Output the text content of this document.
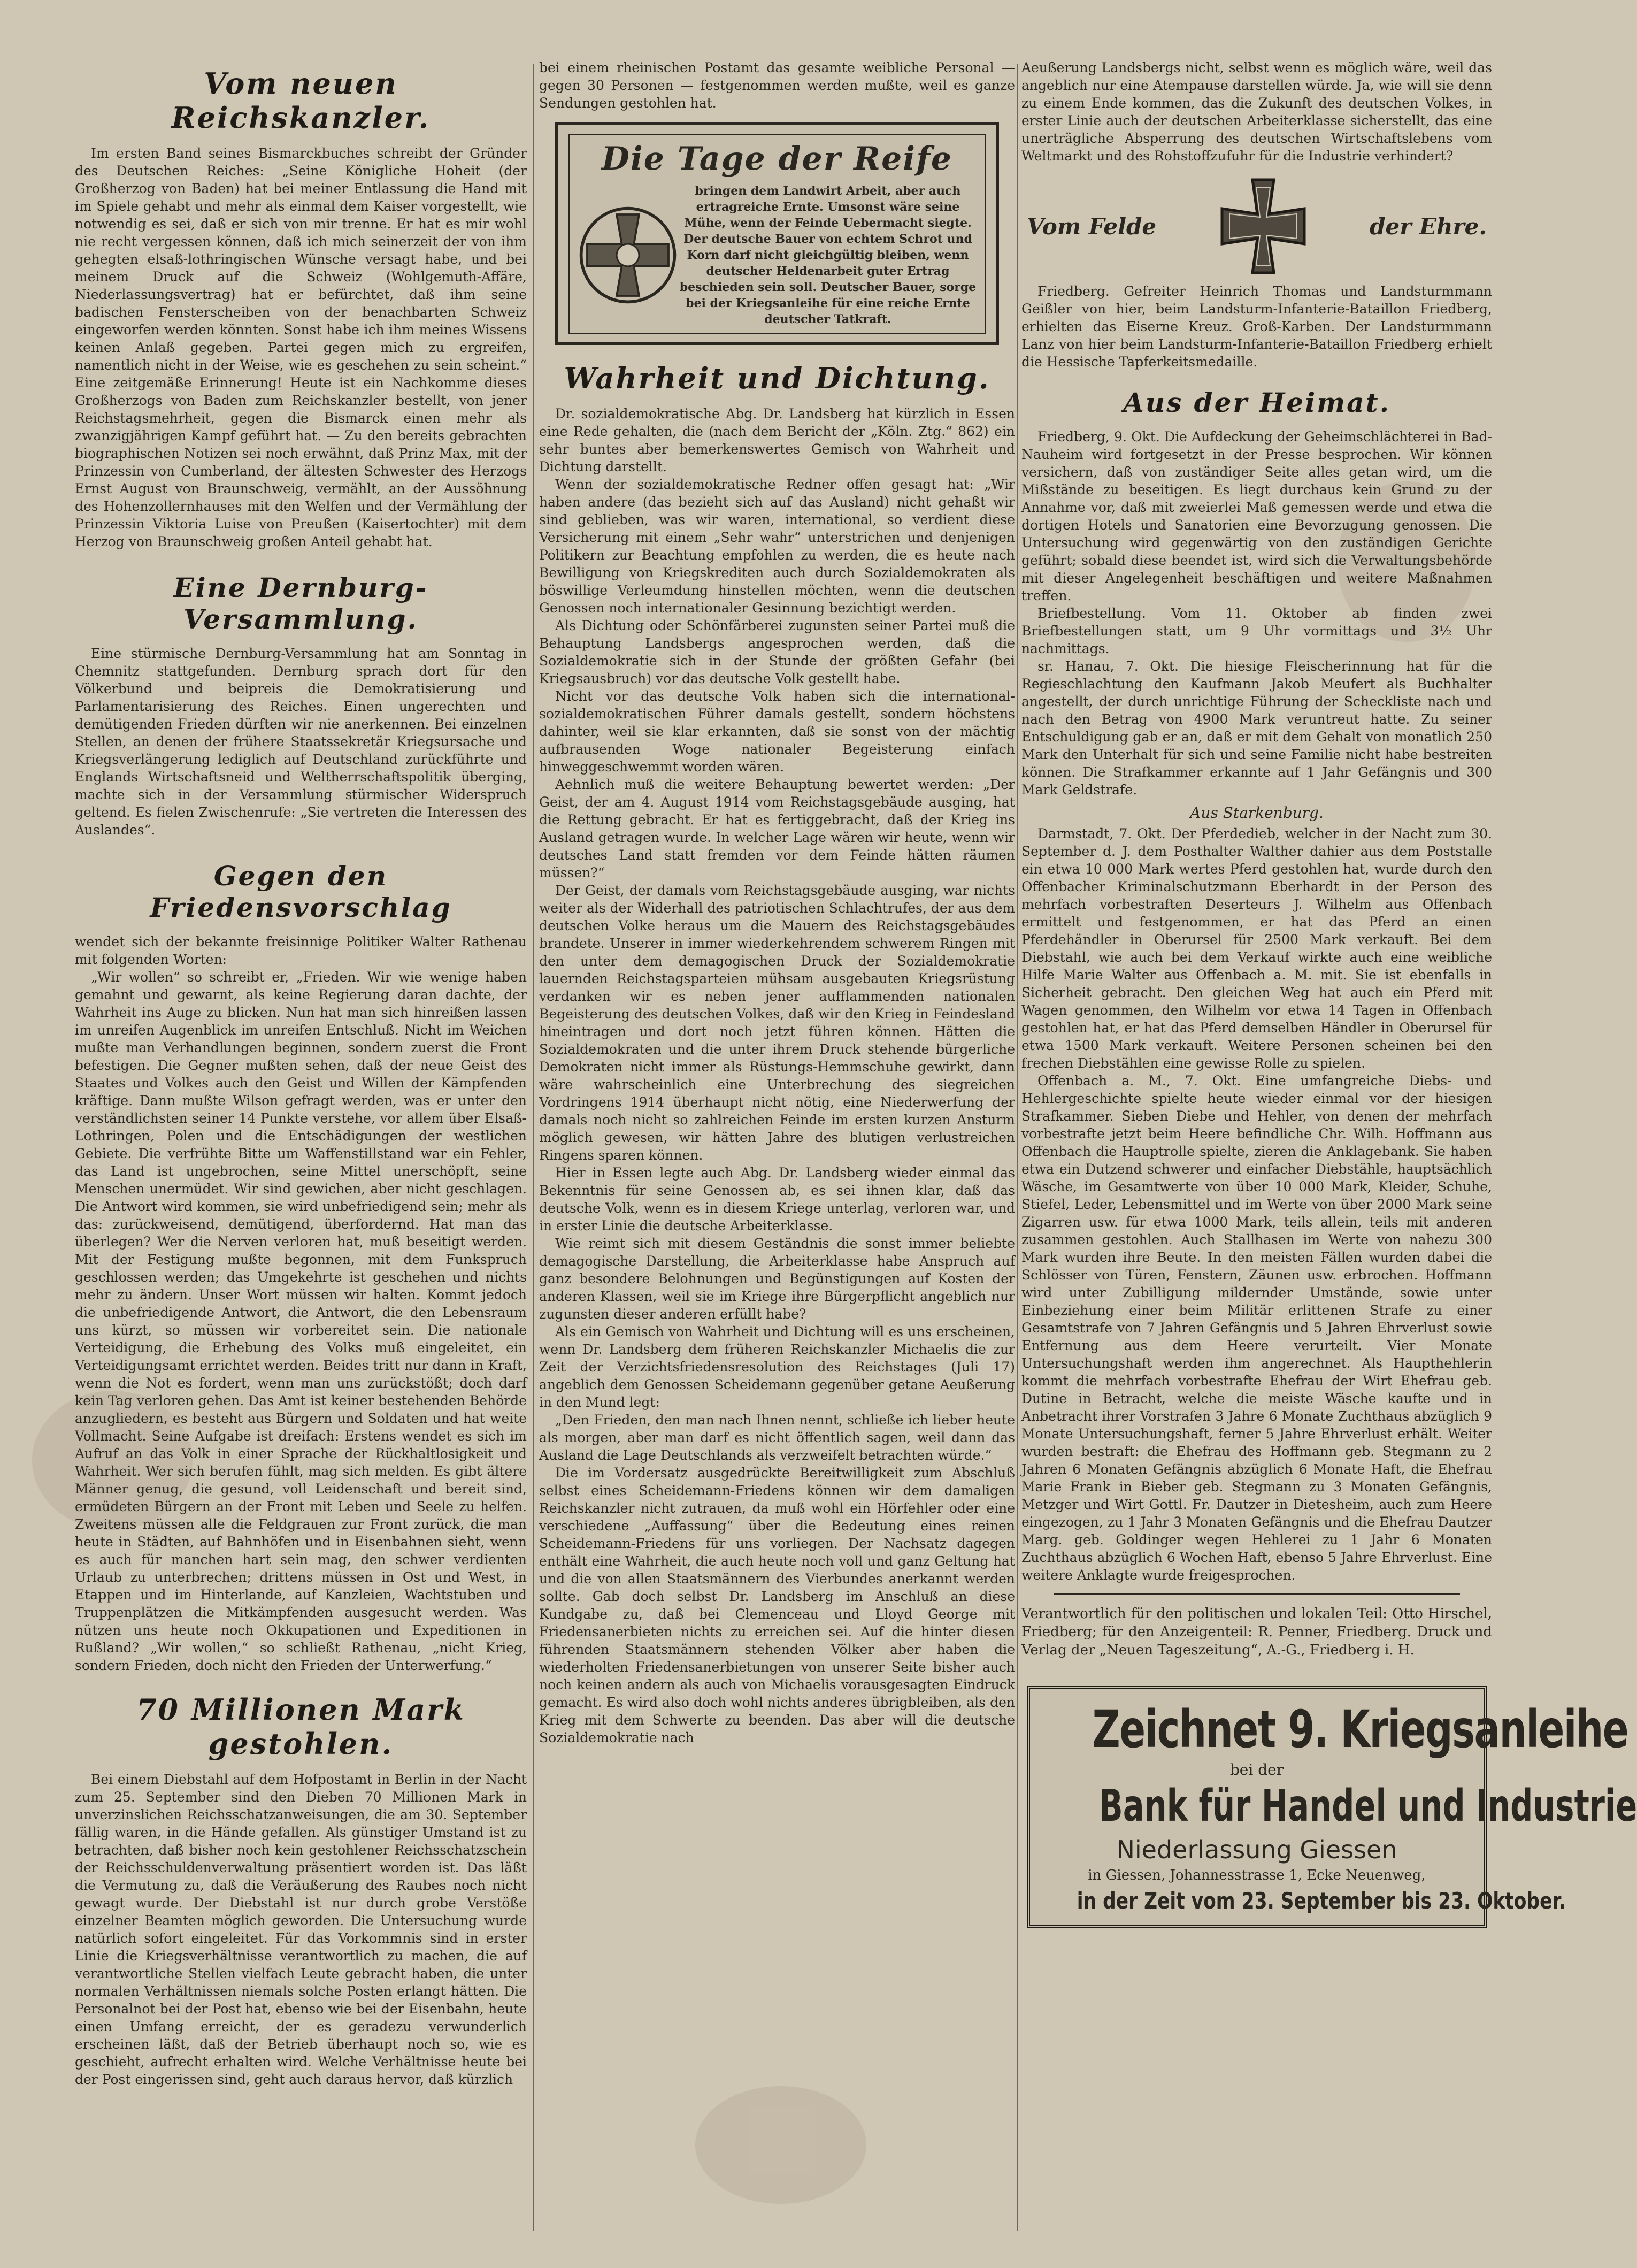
Vom neuen Reichskanzler.

Im ersten Band seines Bismarckbuches schreibt der Gründer des Deutschen Reiches: „Seine Königliche Hoheit (der Großherzog von Baden) hat bei meiner Entlassung die Hand mit im Spiele gehabt und mehr als einmal dem Kaiser vorgestellt, wie notwendig es sei, daß er sich von mir trenne. Er hat es mir wohl nie recht vergessen können, daß ich mich seinerzeit der von ihm gehegten elsaß-lothringischen Wünsche versagt habe, und bei meinem Druck auf die Schweiz (Wohlgemuth-Affäre, Niederlassungsvertrag) hat er befürchtet, daß ihm seine badischen Fensterscheiben von der benachbarten Schweiz eingeworfen werden könnten. Sonst habe ich ihm meines Wissens keinen Anlaß gegeben. Partei gegen mich zu ergreifen, namentlich nicht in der Weise, wie es geschehen zu sein scheint.“ Eine zeitgemäße Erinnerung! Heute ist ein Nachkomme dieses Großherzogs von Baden zum Reichskanzler bestellt, von jener Reichstagsmehrheit, gegen die Bismarck einen mehr als zwanzigjährigen Kampf geführt hat. — Zu den bereits gebrachten biographischen Notizen sei noch erwähnt, daß Prinz Max, mit der Prinzessin von Cumberland, der ältesten Schwester des Herzogs Ernst August von Braunschweig, vermählt, an der Aussöhnung des Hohenzollernhauses mit den Welfen und der Vermählung der Prinzessin Viktoria Luise von Preußen (Kaisertochter) mit dem Herzog von Braunschweig großen Anteil gehabt hat.

Eine Dernburg-Versammlung.

Eine stürmische Dernburg-Versammlung hat am Sonntag in Chemnitz stattgefunden. Dernburg sprach dort für den Völkerbund und beipreis die Demokratisierung und Parlamentarisierung des Reiches. Einen ungerechten und demütigenden Frieden dürften wir nie anerkennen. Bei einzelnen Stellen, an denen der frühere Staatssekretär Kriegsursache und Kriegsverlängerung lediglich auf Deutschland zurückführte und Englands Wirtschaftsneid und Weltherrschaftspolitik überging, machte sich in der Versammlung stürmischer Widerspruch geltend. Es fielen Zwischenrufe: „Sie vertreten die Interessen des Auslandes“.

Gegen den Friedensvorschlag

wendet sich der bekannte freisinnige Politiker Walter Rathenau mit folgenden Worten:

„Wir wollen“ so schreibt er, „Frieden. Wir wie wenige haben gemahnt und gewarnt, als keine Regierung daran dachte, der Wahrheit ins Auge zu blicken. Nun hat man sich hinreißen lassen im unreifen Augenblick im unreifen Entschluß. Nicht im Weichen mußte man Verhandlungen beginnen, sondern zuerst die Front befestigen. Die Gegner mußten sehen, daß der neue Geist des Staates und Volkes auch den Geist und Willen der Kämpfenden kräftige. Dann mußte Wilson gefragt werden, was er unter den verständlichsten seiner 14 Punkte verstehe, vor allem über Elsaß-Lothringen, Polen und die Entschädigungen der westlichen Gebiete. Die verfrühte Bitte um Waffenstillstand war ein Fehler, das Land ist ungebrochen, seine Mittel unerschöpft, seine Menschen unermüdet. Wir sind gewichen, aber nicht geschlagen. Die Antwort wird kommen, sie wird unbefriedigend sein; mehr als das: zurückweisend, demütigend, überfordernd. Hat man das überlegen? Wer die Nerven verloren hat, muß beseitigt werden. Mit der Festigung mußte begonnen, mit dem Funkspruch geschlossen werden; das Umgekehrte ist geschehen und nichts mehr zu ändern. Unser Wort müssen wir halten. Kommt jedoch die unbefriedigende Antwort, die Antwort, die den Lebensraum uns kürzt, so müssen wir vorbereitet sein. Die nationale Verteidigung, die Erhebung des Volks muß eingeleitet, ein Verteidigungsamt errichtet werden. Beides tritt nur dann in Kraft, wenn die Not es fordert, wenn man uns zurückstößt; doch darf kein Tag verloren gehen. Das Amt ist keiner bestehenden Behörde anzugliedern, es besteht aus Bürgern und Soldaten und hat weite Vollmacht. Seine Aufgabe ist dreifach: Erstens wendet es sich im Aufruf an das Volk in einer Sprache der Rückhaltlosigkeit und Wahrheit. Wer sich berufen fühlt, mag sich melden. Es gibt ältere Männer genug, die gesund, voll Leidenschaft und bereit sind, ermüdeten Bürgern an der Front mit Leben und Seele zu helfen. Zweitens müssen alle die Feldgrauen zur Front zurück, die man heute in Städten, auf Bahnhöfen und in Eisenbahnen sieht, wenn es auch für manchen hart sein mag, den schwer verdienten Urlaub zu unterbrechen; drittens müssen in Ost und West, in Etappen und im Hinterlande, auf Kanzleien, Wachtstuben und Truppenplätzen die Mitkämpfenden ausgesucht werden. Was nützen uns heute noch Okkupationen und Expeditionen in Rußland? „Wir wollen,“ so schließt Rathenau, „nicht Krieg, sondern Frieden, doch nicht den Frieden der Unterwerfung.“

70 Millionen Mark gestohlen.

Bei einem Diebstahl auf dem Hofpostamt in Berlin in der Nacht zum 25. September sind den Dieben 70 Millionen Mark in unverzinslichen Reichsschatzanweisungen, die am 30. September fällig waren, in die Hände gefallen. Als günstiger Umstand ist zu betrachten, daß bisher noch kein gestohlener Reichsschatzschein der Reichsschuldenverwaltung präsentiert worden ist. Das läßt die Vermutung zu, daß die Veräußerung des Raubes noch nicht gewagt wurde. Der Diebstahl ist nur durch grobe Verstöße einzelner Beamten möglich geworden. Die Untersuchung wurde natürlich sofort eingeleitet. Für das Vorkommnis sind in erster Linie die Kriegsverhältnisse verantwortlich zu machen, die auf verantwortliche Stellen vielfach Leute gebracht haben, die unter normalen Verhältnissen niemals solche Posten erlangt hätten. Die Personalnot bei der Post hat, ebenso wie bei der Eisenbahn, heute einen Umfang erreicht, der es geradezu verwunderlich erscheinen läßt, daß der Betrieb überhaupt noch so, wie es geschieht, aufrecht erhalten wird. Welche Verhältnisse heute bei der Post eingerissen sind, geht auch daraus hervor, daß kürzlich

bei einem rheinischen Postamt das gesamte weibliche Personal — gegen 30 Personen — festgenommen werden mußte, weil es ganze Sendungen gestohlen hat.

Die Tage der Reife
bringen dem Landwirt Arbeit, aber auch ertragreiche Ernte. Umsonst wäre seine Mühe, wenn der Feinde Uebermacht siegte. Der deutsche Bauer von echtem Schrot und Korn darf nicht gleichgültig bleiben, wenn deutscher Heldenarbeit guter Ertrag beschieden sein soll. Deutscher Bauer, sorge bei der Kriegsanleihe für eine reiche Ernte deutscher Tatkraft.
Wahrheit und Dichtung.

Dr. sozialdemokratische Abg. Dr. Landsberg hat kürzlich in Essen eine Rede gehalten, die (nach dem Bericht der „Köln. Ztg.“ 862) ein sehr buntes aber bemerkenswertes Gemisch von Wahrheit und Dichtung darstellt.

Wenn der sozialdemokratische Redner offen gesagt hat: „Wir haben andere (das bezieht sich auf das Ausland) nicht gehaßt wir sind geblieben, was wir waren, international, so verdient diese Versicherung mit einem „Sehr wahr“ unterstrichen und denjenigen Politikern zur Beachtung empfohlen zu werden, die es heute nach Bewilligung von Kriegskrediten auch durch Sozialdemokraten als böswillige Verleumdung hinstellen möchten, wenn die deutschen Genossen noch internationaler Gesinnung bezichtigt werden.

Als Dichtung oder Schönfärberei zugunsten seiner Partei muß die Behauptung Landsbergs angesprochen werden, daß die Sozialdemokratie sich in der Stunde der größten Gefahr (bei Kriegsausbruch) vor das deutsche Volk gestellt habe.

Nicht vor das deutsche Volk haben sich die international-sozialdemokratischen Führer damals gestellt, sondern höchstens dahinter, weil sie klar erkannten, daß sie sonst von der mächtig aufbrausenden Woge nationaler Begeisterung einfach hinweggeschwemmt worden wären.

Aehnlich muß die weitere Behauptung bewertet werden: „Der Geist, der am 4. August 1914 vom Reichstagsgebäude ausging, hat die Rettung gebracht. Er hat es fertiggebracht, daß der Krieg ins Ausland getragen wurde. In welcher Lage wären wir heute, wenn wir deutsches Land statt fremden vor dem Feinde hätten räumen müssen?“

Der Geist, der damals vom Reichstagsgebäude ausging, war nichts weiter als der Widerhall des patriotischen Schlachtrufes, der aus dem deutschen Volke heraus um die Mauern des Reichstagsgebäudes brandete. Unserer in immer wiederkehrendem schwerem Ringen mit den unter dem demagogischen Druck der Sozialdemokratie lauernden Reichstagsparteien mühsam ausgebauten Kriegsrüstung verdanken wir es neben jener aufflammenden nationalen Begeisterung des deutschen Volkes, daß wir den Krieg in Feindesland hineintragen und dort noch jetzt führen können. Hätten die Sozialdemokraten und die unter ihrem Druck stehende bürgerliche Demokraten nicht immer als Rüstungs-Hemmschuhe gewirkt, dann wäre wahrscheinlich eine Unterbrechung des siegreichen Vordringens 1914 überhaupt nicht nötig, eine Niederwerfung der damals noch nicht so zahlreichen Feinde im ersten kurzen Ansturm möglich gewesen, wir hätten Jahre des blutigen verlustreichen Ringens sparen können.

Hier in Essen legte auch Abg. Dr. Landsberg wieder einmal das Bekenntnis für seine Genossen ab, es sei ihnen klar, daß das deutsche Volk, wenn es in diesem Kriege unterlag, verloren war, und in erster Linie die deutsche Arbeiterklasse.

Wie reimt sich mit diesem Geständnis die sonst immer beliebte demagogische Darstellung, die Arbeiterklasse habe Anspruch auf ganz besondere Belohnungen und Begünstigungen auf Kosten der anderen Klassen, weil sie im Kriege ihre Bürgerpflicht angeblich nur zugunsten dieser anderen erfüllt habe?

Als ein Gemisch von Wahrheit und Dichtung will es uns erscheinen, wenn Dr. Landsberg dem früheren Reichskanzler Michaelis die zur Zeit der Verzichtsfriedensresolution des Reichstages (Juli 17) angeblich dem Genossen Scheidemann gegenüber getane Aeußerung in den Mund legt:

„Den Frieden, den man nach Ihnen nennt, schließe ich lieber heute als morgen, aber man darf es nicht öffentlich sagen, weil dann das Ausland die Lage Deutschlands als verzweifelt betrachten würde.“

Die im Vordersatz ausgedrückte Bereitwilligkeit zum Abschluß selbst eines Scheidemann-Friedens können wir dem damaligen Reichskanzler nicht zutrauen, da muß wohl ein Hörfehler oder eine verschiedene „Auffassung“ über die Bedeutung eines reinen Scheidemann-Friedens für uns vorliegen. Der Nachsatz dagegen enthält eine Wahrheit, die auch heute noch voll und ganz Geltung hat und die von allen Staatsmännern des Vierbundes anerkannt werden sollte. Gab doch selbst Dr. Landsberg im Anschluß an diese Kundgabe zu, daß bei Clemenceau und Lloyd George mit Friedensanerbieten nichts zu erreichen sei. Auf die hinter diesen führenden Staatsmännern stehenden Völker aber haben die wiederholten Friedensanerbietungen von unserer Seite bisher auch noch keinen andern als auch von Michaelis vorausgesagten Eindruck gemacht. Es wird also doch wohl nichts anderes übrigbleiben, als den Krieg mit dem Schwerte zu beenden. Das aber will die deutsche Sozialdemokratie nach

Aeußerung Landsbergs nicht, selbst wenn es möglich wäre, weil das angeblich nur eine Atempause darstellen würde. Ja, wie will sie denn zu einem Ende kommen, das die Zukunft des deutschen Volkes, in erster Linie auch der deutschen Arbeiterklasse sicherstellt, das eine unerträgliche Absperrung des deutschen Wirtschaftslebens vom Weltmarkt und des Rohstoffzufuhr für die Industrie verhindert?

Vom Felde	der Ehre.

Friedberg. Gefreiter Heinrich Thomas und Landsturmmann Geißler von hier, beim Landsturm-Infanterie-Bataillon Friedberg, erhielten das Eiserne Kreuz. Groß-Karben. Der Landsturmmann Lanz von hier beim Landsturm-Infanterie-Bataillon Friedberg erhielt die Hessische Tapferkeitsmedaille.

Aus der Heimat.

Friedberg, 9. Okt. Die Aufdeckung der Geheimschlächterei in Bad-Nauheim wird fortgesetzt in der Presse besprochen. Wir können versichern, daß von zuständiger Seite alles getan wird, um die Mißstände zu beseitigen. Es liegt durchaus kein Grund zu der Annahme vor, daß mit zweierlei Maß gemessen werde und etwa die dortigen Hotels und Sanatorien eine Bevorzugung genossen. Die Untersuchung wird gegenwärtig von den zuständigen Gerichte geführt; sobald diese beendet ist, wird sich die Verwaltungsbehörde mit dieser Angelegenheit beschäftigen und weitere Maßnahmen treffen.

Briefbestellung. Vom 11. Oktober ab finden zwei Briefbestellungen statt, um 9 Uhr vormittags und 3½ Uhr nachmittags.

sr. Hanau, 7. Okt. Die hiesige Fleischerinnung hat für die Regieschlachtung den Kaufmann Jakob Meufert als Buchhalter angestellt, der durch unrichtige Führung der Scheckliste nach und nach den Betrag von 4900 Mark veruntreut hatte. Zu seiner Entschuldigung gab er an, daß er mit dem Gehalt von monatlich 250 Mark den Unterhalt für sich und seine Familie nicht habe bestreiten können. Die Strafkammer erkannte auf 1 Jahr Gefängnis und 300 Mark Geldstrafe.

Aus Starkenburg.

Darmstadt, 7. Okt. Der Pferdedieb, welcher in der Nacht zum 30. September d. J. dem Posthalter Walther dahier aus dem Poststalle ein etwa 10 000 Mark wertes Pferd gestohlen hat, wurde durch den Offenbacher Kriminalschutzmann Eberhardt in der Person des mehrfach vorbestraften Deserteurs J. Wilhelm aus Offenbach ermittelt und festgenommen, er hat das Pferd an einen Pferdehändler in Oberursel für 2500 Mark verkauft. Bei dem Diebstahl, wie auch bei dem Verkauf wirkte auch eine weibliche Hilfe Marie Walter aus Offenbach a. M. mit. Sie ist ebenfalls in Sicherheit gebracht. Den gleichen Weg hat auch ein Pferd mit Wagen genommen, den Wilhelm vor etwa 14 Tagen in Offenbach gestohlen hat, er hat das Pferd demselben Händler in Oberursel für etwa 1500 Mark verkauft. Weitere Personen scheinen bei den frechen Diebstählen eine gewisse Rolle zu spielen.

Offenbach a. M., 7. Okt. Eine umfangreiche Diebs- und Hehlergeschichte spielte heute wieder einmal vor der hiesigen Strafkammer. Sieben Diebe und Hehler, von denen der mehrfach vorbestrafte jetzt beim Heere befindliche Chr. Wilh. Hoffmann aus Offenbach die Hauptrolle spielte, zieren die Anklagebank. Sie haben etwa ein Dutzend schwerer und einfacher Diebstähle, hauptsächlich Wäsche, im Gesamtwerte von über 10 000 Mark, Kleider, Schuhe, Stiefel, Leder, Lebensmittel und im Werte von über 2000 Mark seine Zigarren usw. für etwa 1000 Mark, teils allein, teils mit anderen zusammen gestohlen. Auch Stallhasen im Werte von nahezu 300 Mark wurden ihre Beute. In den meisten Fällen wurden dabei die Schlösser von Türen, Fenstern, Zäunen usw. erbrochen. Hoffmann wird unter Zubilligung mildernder Umstände, sowie unter Einbeziehung einer beim Militär erlittenen Strafe zu einer Gesamtstrafe von 7 Jahren Gefängnis und 5 Jahren Ehrverlust sowie Entfernung aus dem Heere verurteilt. Vier Monate Untersuchungshaft werden ihm angerechnet. Als Haupthehlerin kommt die mehrfach vorbestrafte Ehefrau der Wirt Ehefrau geb. Dutine in Betracht, welche die meiste Wäsche kaufte und in Anbetracht ihrer Vorstrafen 3 Jahre 6 Monate Zuchthaus abzüglich 9 Monate Untersuchungshaft, ferner 5 Jahre Ehrverlust erhält. Weiter wurden bestraft: die Ehefrau des Hoffmann geb. Stegmann zu 2 Jahren 6 Monaten Gefängnis abzüglich 6 Monate Haft, die Ehefrau Marie Frank in Bieber geb. Stegmann zu 3 Monaten Gefängnis, Metzger und Wirt Gottl. Fr. Dautzer in Dietesheim, auch zum Heere eingezogen, zu 1 Jahr 3 Monaten Gefängnis und die Ehefrau Dautzer Marg. geb. Goldinger wegen Hehlerei zu 1 Jahr 6 Monaten Zuchthaus abzüglich 6 Wochen Haft, ebenso 5 Jahre Ehrverlust. Eine weitere Anklagte wurde freigesprochen.

Verantwortlich für den politischen und lokalen Teil: Otto Hirschel, Friedberg; für den Anzeigenteil: R. Penner, Friedberg. Druck und Verlag der „Neuen Tageszeitung“, A.-G., Friedberg i. H.

Zeichnet 9. Kriegsanleihe
bei der
Bank für Handel und Industrie
Niederlassung Giessen
in Giessen, Johannesstrasse 1, Ecke Neuenweg,
in der Zeit vom 23. September bis 23. Oktober.
